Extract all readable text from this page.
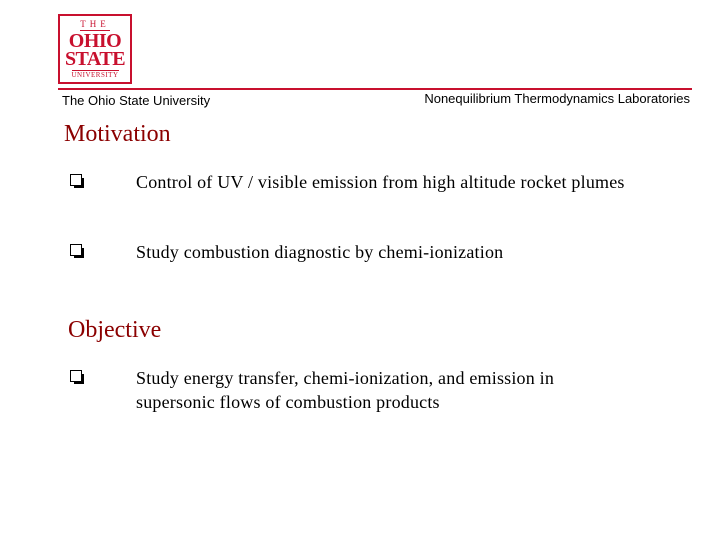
THE
OHIO
STATE
UNIVERSITY
The Ohio State University	Nonequilibrium Thermodynamics Laboratories
Motivation
Control of UV / visible emission from high altitude rocket plumes
Study combustion diagnostic by chemi-ionization
Objective
Study energy transfer, chemi-ionization, and emission in supersonic flows of combustion products
